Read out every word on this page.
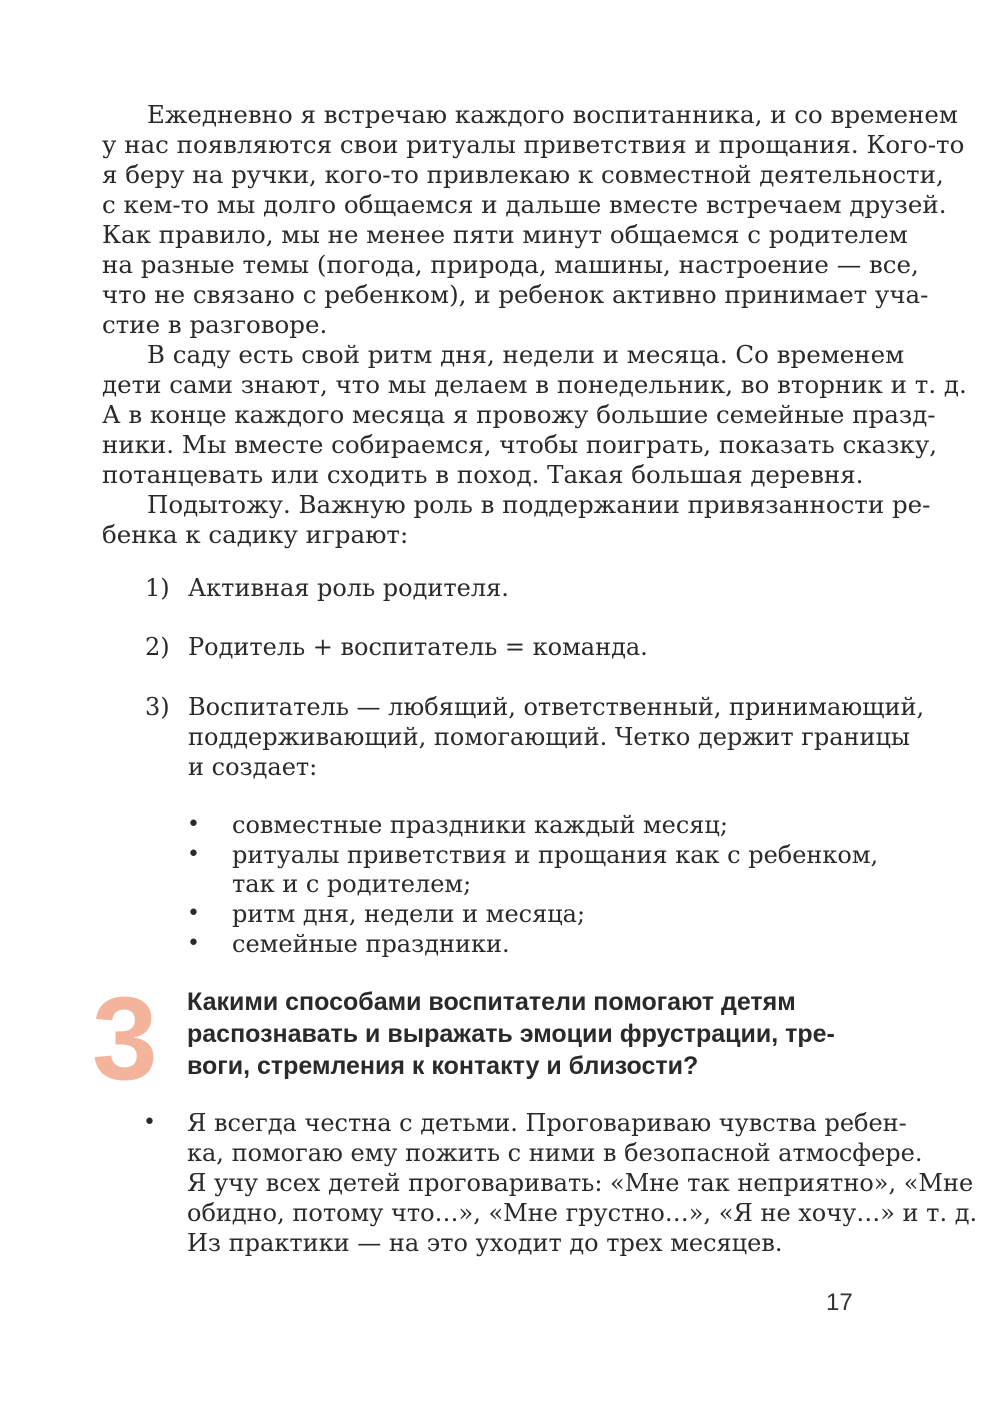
Ежедневно я встречаю каждого воспитанника, и со временем
у нас появляются свои ритуалы приветствия и прощания. Кого-то
я беру на ручки, кого-то привлекаю к совместной деятельности,
с кем-то мы долго общаемся и дальше вместе встречаем друзей.
Как правило, мы не менее пяти минут общаемся с родителем
на разные темы (погода, природа, машины, настроение — все,
что не связано с ребенком), и ребенок активно принимает уча-
стие в разговоре.
В саду есть свой ритм дня, недели и месяца. Со временем
дети сами знают, что мы делаем в понедельник, во вторник и т. д.
А в конце каждого месяца я провожу большие семейные празд-
ники. Мы вместе собираемся, чтобы поиграть, показать сказку,
потанцевать или сходить в поход. Такая большая деревня.
Подытожу. Важную роль в поддержании привязанности ре-
бенка к садику играют:
1) Активная роль родителя.
2) Родитель + воспитатель = команда.
3) Воспитатель — любящий, ответственный, принимающий,
поддерживающий, помогающий. Четко держит границы
и создает:
• совместные праздники каждый месяц;
• ритуалы приветствия и прощания как с ребенком,
так и с родителем;
• ритм дня, недели и месяца;
• семейные праздники.
3 Какими способами воспитатели помогают детям
распознавать и выражать эмоции фрустрации, тре-
воги, стремления к контакту и близости?
• Я всегда честна с детьми. Проговариваю чувства ребен-
ка, помогаю ему пожить с ними в безопасной атмосфере.
Я учу всех детей проговаривать: «Мне так неприятно», «Мне
обидно, потому что…», «Мне грустно…», «Я не хочу…» и т. д.
Из практики — на это уходит до трех месяцев.
17
